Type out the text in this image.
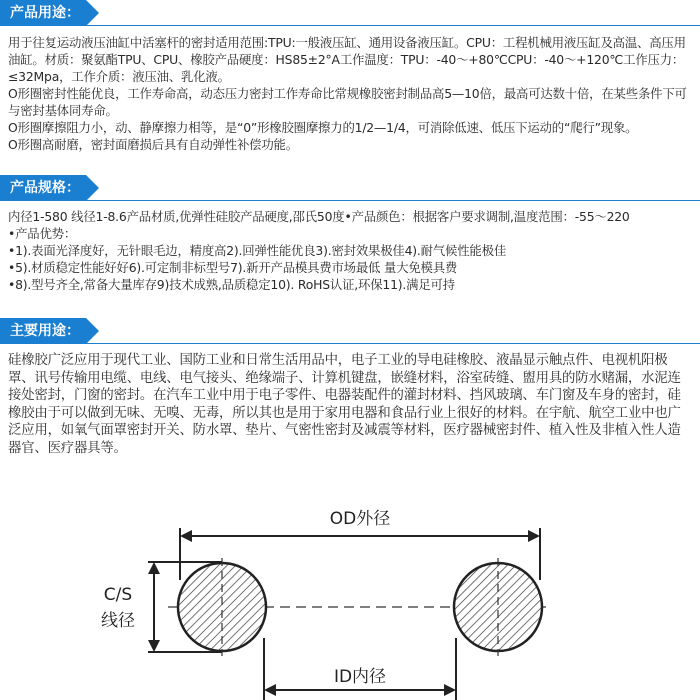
产品用途：

用于往复运动液压油缸中活塞杆的密封适用范围:TPU:一般液压缸、通用设备液压缸。CPU：工程机械用液压缸及高温、高压用油缸。材质：聚氨酯TPU、CPU、橡胶产品硬度：HS85±2°A工作温度：TPU：-40～+80℃CPU：-40～+120℃工作压力：≤32Mpa，工作介质：液压油、乳化液。

O形圈密封性能优良，工作寿命高，动态压力密封工作寿命比常规橡胶密封制品高5—10倍，最高可达数十倍，在某些条件下可与密封基体同寿命。

O形圈摩擦阻力小，动、静摩擦力相等，是“0”形橡胶圈摩擦力的1/2—1/4，可消除低速、低压下运动的“爬行”现象。

O形圈高耐磨，密封面磨损后具有自动弹性补偿功能。

产品规格：

内径1-580 线径1-8.6产品材质,优弹性硅胶产品硬度,邵氏50度•产品颜色：根据客户要求调制,温度范围：-55～220

•产品优势：

•1).表面光泽度好，无针眼毛边，精度高2).回弹性能优良3).密封效果极佳4).耐气候性能极佳

•5).材质稳定性能好好6).可定制非标型号7).新开产品模具费市场最低 量大免模具费

•8).型号齐全,常备大量库存9)技术成熟,品质稳定10). RoHS认证,环保11).满足可持

主要用途：

硅橡胶广泛应用于现代工业、国防工业和日常生活用品中，电子工业的导电硅橡胶、液晶显示触点件、电视机阳极罩、讯号传输用电缆、电线、电气接头、绝缘端子、计算机键盘，嵌缝材料，浴室砖缝、盥用具的防水赌漏，水泥连接处密封，门窗的密封。在汽车工业中用于电子零件、电器装配件的灌封材料、挡风玻璃、车门窗及车身的密封，硅橡胶由于可以做到无味、无嗅、无毒，所以其也是用于家用电器和食品行业上很好的材料。在宇航、航空工业中也广泛应用，如氧气面罩密封开关、防水罩、垫片、气密性密封及减震等材料，医疗器械密封件、植入性及非植入性人造器官、医疗器具等。

OD外径
C/S
线径
ID内径
